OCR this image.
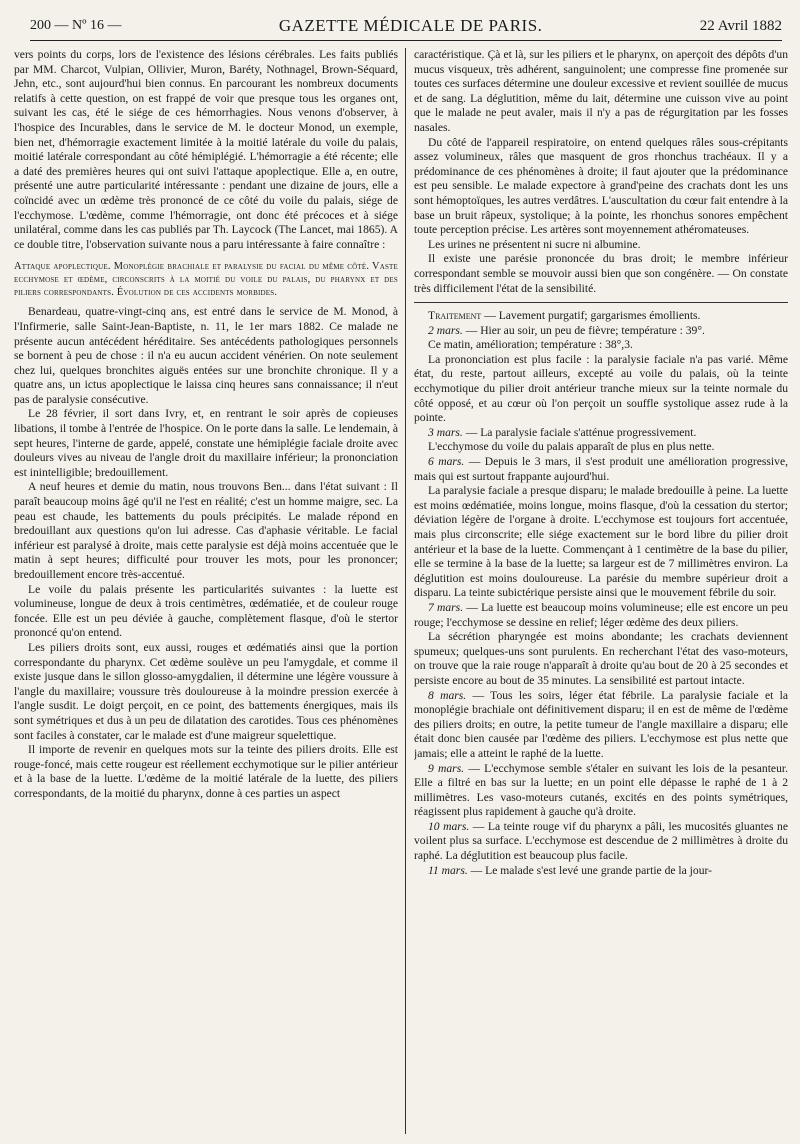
200 — Nº 16 —	GAZETTE MÉDICALE DE PARIS.	22 Avril 1882

vers points du corps, lors de l'existence des lésions cérébrales. Les faits publiés par MM. Charcot, Vulpian, Ollivier, Muron, Baréty, Nothnagel, Brown-Séquard, Jehn, etc., sont aujourd'hui bien connus. En parcourant les nombreux documents relatifs à cette question, on est frappé de voir que presque tous les organes ont, suivant les cas, été le siége de ces hémorrhagies. Nous venons d'observer, à l'hospice des Incurables, dans le service de M. le docteur Monod, un exemple, bien net, d'hémorragie exactement limitée à la moitié latérale du voile du palais, moitié latérale correspondant au côté hémiplégié. L'hémorragie a été récente; elle a daté des premières heures qui ont suivi l'attaque apoplectique. Elle a, en outre, présenté une autre particularité intéressante : pendant une dizaine de jours, elle a coïncidé avec un œdème très prononcé de ce côté du voile du palais, siége de l'ecchymose. L'œdème, comme l'hémorragie, ont donc été précoces et à siége unilatéral, comme dans les cas publiés par Th. Laycock (The Lancet, mai 1865). A ce double titre, l'observation suivante nous a paru intéressante à faire connaître :

Attaque apoplectique. Monoplégie brachiale et paralysie du facial du même côté. Vaste ecchymose et œdème, circonscrits à la moitié du voile du palais, du pharynx et des piliers correspondants. Évolution de ces accidents morbides.

Benardeau, quatre-vingt-cinq ans, est entré dans le service de M. Monod, à l'Infirmerie, salle Saint-Jean-Baptiste, n. 11, le 1er mars 1882. Ce malade ne présente aucun antécédent héréditaire. Ses antécédents pathologiques personnels se bornent à peu de chose : il n'a eu aucun accident vénérien. On note seulement chez lui, quelques bronchites aiguës entées sur une bronchite chronique. Il y a quatre ans, un ictus apoplectique le laissa cinq heures sans connaissance; il n'eut pas de paralysie consécutive.

Le 28 février, il sort dans Ivry, et, en rentrant le soir après de copieuses libations, il tombe à l'entrée de l'hospice. On le porte dans la salle. Le lendemain, à sept heures, l'interne de garde, appelé, constate une hémiplégie faciale droite avec douleurs vives au niveau de l'angle droit du maxillaire inférieur; la prononciation est inintelligible; bredouillement.

A neuf heures et demie du matin, nous trouvons Ben... dans l'état suivant : Il paraît beaucoup moins âgé qu'il ne l'est en réalité; c'est un homme maigre, sec. La peau est chaude, les battements du pouls précipités. Le malade répond en bredouillant aux questions qu'on lui adresse. Cas d'aphasie véritable. Le facial inférieur est paralysé à droite, mais cette paralysie est déjà moins accentuée que le matin à sept heures; difficulté pour trouver les mots, pour les prononcer; bredouillement encore très-accentué.

Le voile du palais présente les particularités suivantes : la luette est volumineuse, longue de deux à trois centimètres, œdématiée, et de couleur rouge foncée. Elle est un peu déviée à gauche, complètement flasque, d'où le stertor prononcé qu'on entend.

Les piliers droits sont, eux aussi, rouges et œdématiés ainsi que la portion correspondante du pharynx. Cet œdème soulève un peu l'amygdale, et comme il existe jusque dans le sillon glosso-amygdalien, il détermine une légère voussure à l'angle du maxillaire; voussure très douloureuse à la moindre pression exercée à l'angle susdit. Le doigt perçoit, en ce point, des battements énergiques, mais ils sont symétriques et dus à un peu de dilatation des carotides. Tous ces phénomènes sont faciles à constater, car le malade est d'une maigreur squelettique.

Il importe de revenir en quelques mots sur la teinte des piliers droits. Elle est rouge-foncé, mais cette rougeur est réellement ecchymotique sur le pilier antérieur et à la base de la luette. L'œdème de la moitié latérale de la luette, des piliers correspondants, de la moitié du pharynx, donne à ces parties un aspect

caractéristique. Çà et là, sur les piliers et le pharynx, on aperçoit des dépôts d'un mucus visqueux, très adhérent, sanguinolent; une compresse fine promenée sur toutes ces surfaces détermine une douleur excessive et revient souillée de mucus et de sang. La déglutition, même du lait, détermine une cuisson vive au point que le malade ne peut avaler, mais il n'y a pas de régurgitation par les fosses nasales.

Du côté de l'appareil respiratoire, on entend quelques râles sous-crépitants assez volumineux, râles que masquent de gros rhonchus trachéaux. Il y a prédominance de ces phénomènes à droite; il faut ajouter que la prédominance est peu sensible. Le malade expectore à grand'peine des crachats dont les uns sont hémoptoïques, les autres verdâtres. L'auscultation du cœur fait entendre à la base un bruit râpeux, systolique; à la pointe, les rhonchus sonores empêchent toute perception précise. Les artères sont moyennement athéromateuses.

Les urines ne présentent ni sucre ni albumine.

Il existe une parésie prononcée du bras droit; le membre inférieur correspondant semble se mouvoir aussi bien que son congénère. — On constate très difficilement l'état de la sensibilité.

Traitement — Lavement purgatif; gargarismes émollients.

2 mars. — Hier au soir, un peu de fièvre; température : 39°.

Ce matin, amélioration; température : 38°,3.

La prononciation est plus facile : la paralysie faciale n'a pas varié. Même état, du reste, partout ailleurs, excepté au voile du palais, où la teinte ecchymotique du pilier droit antérieur tranche mieux sur la teinte normale du côté opposé, et au cœur où l'on perçoit un souffle systolique assez rude à la pointe.

3 mars. — La paralysie faciale s'atténue progressivement.

L'ecchymose du voile du palais apparaît de plus en plus nette.

6 mars. — Depuis le 3 mars, il s'est produit une amélioration progressive, mais qui est surtout frappante aujourd'hui.

La paralysie faciale a presque disparu; le malade bredouille à peine. La luette est moins œdématiée, moins longue, moins flasque, d'où la cessation du stertor; déviation légère de l'organe à droite. L'ecchymose est toujours fort accentuée, mais plus circonscrite; elle siége exactement sur le bord libre du pilier droit antérieur et la base de la luette. Commençant à 1 centimètre de la base du pilier, elle se termine à la base de la luette; sa largeur est de 7 millimètres environ. La déglutition est moins douloureuse. La parésie du membre supérieur droit a disparu. La teinte subictérique persiste ainsi que le mouvement fébrile du soir.

7 mars. — La luette est beaucoup moins volumineuse; elle est encore un peu rouge; l'ecchymose se dessine en relief; léger œdème des deux piliers.

La sécrétion pharyngée est moins abondante; les crachats deviennent spumeux; quelques-uns sont purulents. En recherchant l'état des vaso-moteurs, on trouve que la raie rouge n'apparaît à droite qu'au bout de 20 à 25 secondes et persiste encore au bout de 35 minutes. La sensibilité est partout intacte.

8 mars. — Tous les soirs, léger état fébrile. La paralysie faciale et la monoplégie brachiale ont définitivement disparu; il en est de même de l'œdème des piliers droits; en outre, la petite tumeur de l'angle maxillaire a disparu; elle était donc bien causée par l'œdème des piliers. L'ecchymose est plus nette que jamais; elle a atteint le raphé de la luette.

9 mars. — L'ecchymose semble s'étaler en suivant les lois de la pesanteur. Elle a filtré en bas sur la luette; en un point elle dépasse le raphé de 1 à 2 millimètres. Les vaso-moteurs cutanés, excités en des points symétriques, réagissent plus rapidement à gauche qu'à droite.

10 mars. — La teinte rouge vif du pharynx a pâli, les mucosités gluantes ne voilent plus sa surface. L'ecchymose est descendue de 2 millimètres à droite du raphé. La déglutition est beaucoup plus facile.

11 mars. — Le malade s'est levé une grande partie de la jour-
